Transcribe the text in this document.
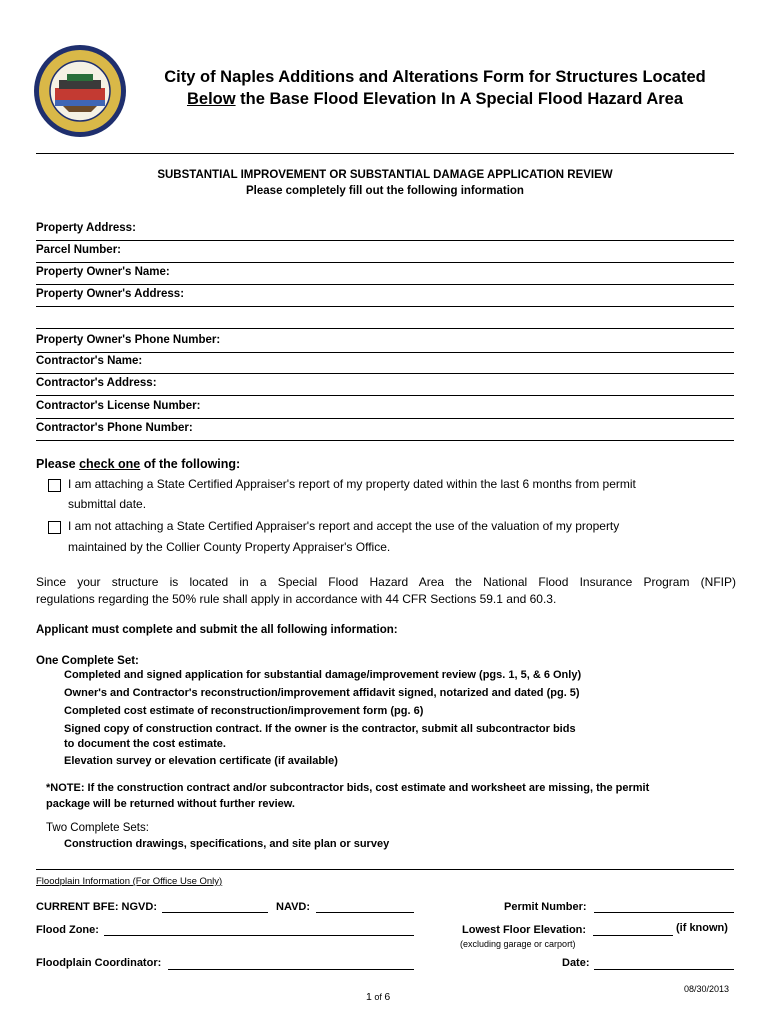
City of Naples Additions and Alterations Form for Structures Located
Below the Base Flood Elevation In A Special Flood Hazard Area
SUBSTANTIAL IMPROVEMENT OR SUBSTANTIAL DAMAGE APPLICATION REVIEW
Please completely fill out the following information
Property Address:
Parcel Number:
Property Owner's Name:
Property Owner's Address:
Property Owner's Phone Number:
Contractor's Name:
Contractor's Address:
Contractor's License Number:
Contractor's Phone Number:
Please check one of the following:
I am attaching a State Certified Appraiser's report of my property dated within the last 6 months from permit
submittal date.
I am not attaching a State Certified Appraiser's report and accept the use of the valuation of my property
maintained by the Collier County Property Appraiser's Office.
Since your structure is located in a Special Flood Hazard Area the National Flood Insurance Program (NFIP)
regulations regarding the 50% rule shall apply in accordance with 44 CFR Sections 59.1 and 60.3.
Applicant must complete and submit the all following information:
One Complete Set:
Completed and signed application for substantial damage/improvement review (pgs. 1, 5, & 6 Only)
Owner's and Contractor's reconstruction/improvement affidavit signed, notarized and dated (pg. 5)
Completed cost estimate of reconstruction/improvement form (pg. 6)
Signed copy of construction contract. If the owner is the contractor, submit all subcontractor bids
to document the cost estimate.
Elevation survey or elevation certificate (if available)
*NOTE: If the construction contract and/or subcontractor bids, cost estimate and worksheet are missing, the permit
package will be returned without further review.
Two Complete Sets:
Construction drawings, specifications, and site plan or survey
Floodplain Information (For Office Use Only)
CURRENT BFE: NGVD:	NAVD:	Permit Number:
Flood Zone:	Lowest Floor Elevation:	(if known)
(excluding garage or carport)
Floodplain Coordinator:	Date:
1 of 6
08/30/2013
